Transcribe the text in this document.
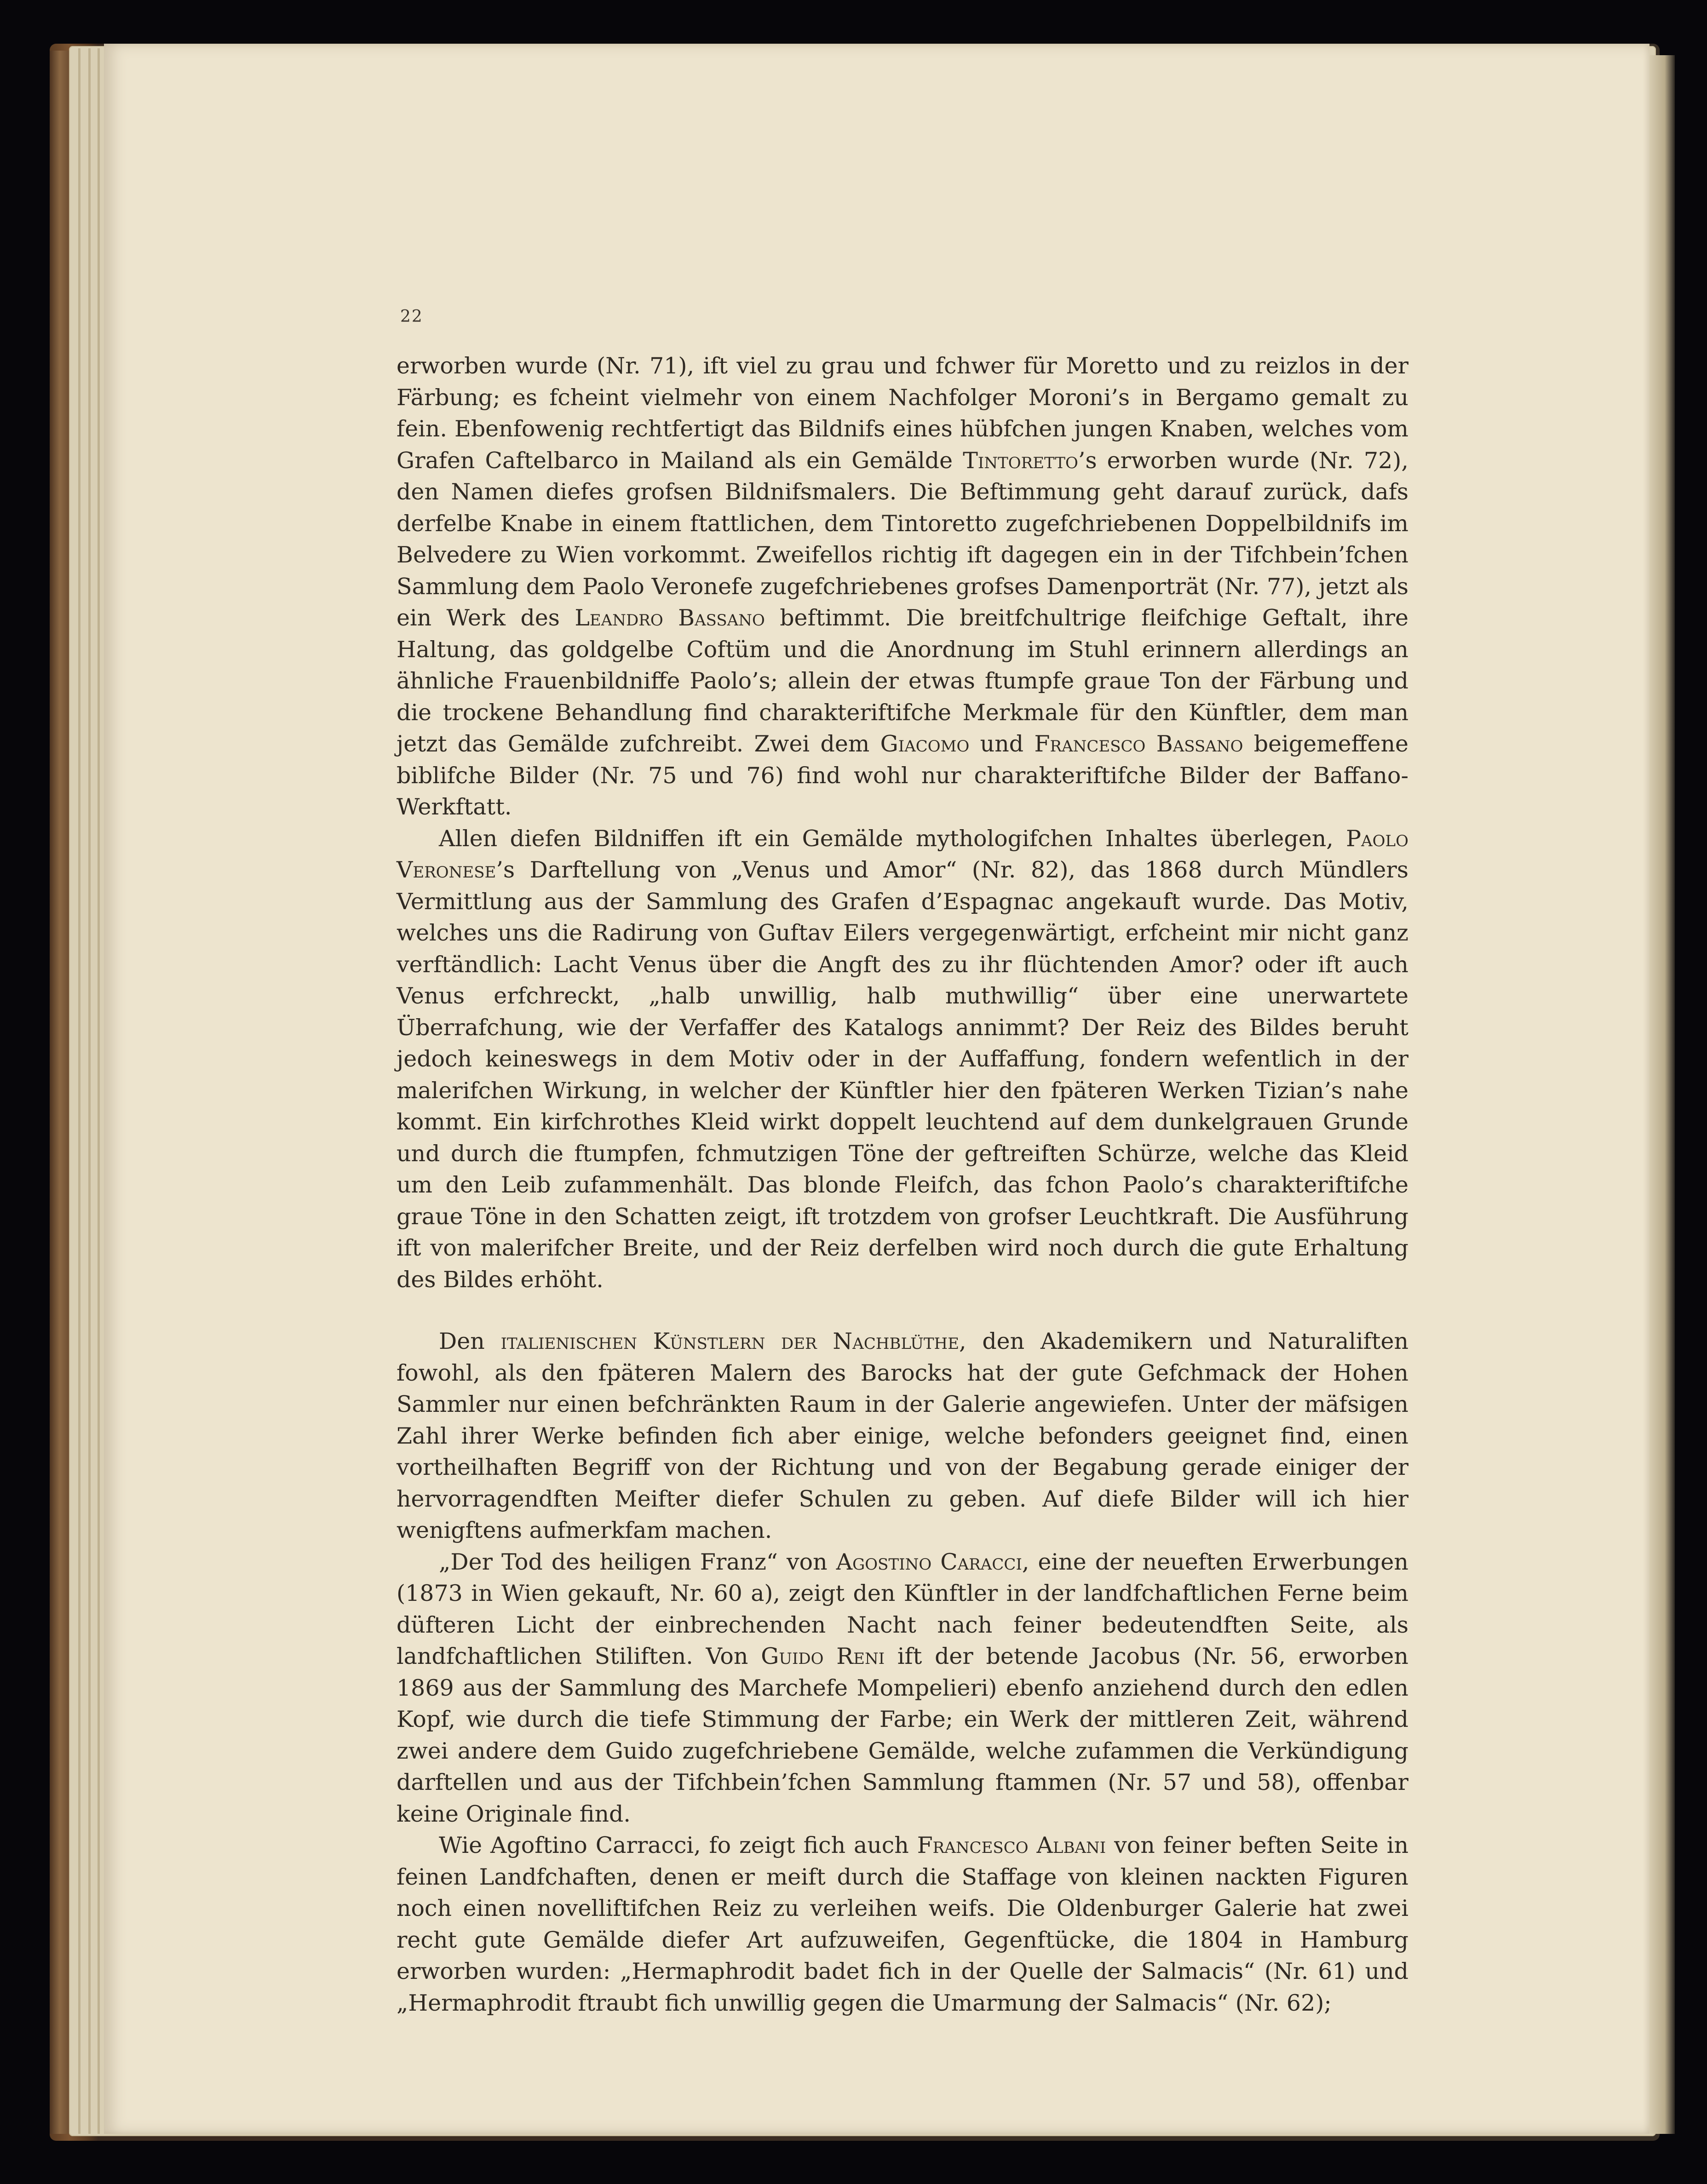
22

erworben wurde (Nr. 71), ift viel zu grau und fchwer für Moretto und zu reizlos in der Färbung; es fcheint vielmehr von einem Nachfolger Moroni’s in Bergamo gemalt zu fein. Ebenfowenig rechtfertigt das Bildnifs eines hübfchen jungen Knaben, welches vom Grafen Caftelbarco in Mailand als ein Gemälde Tintoretto’s erworben wurde (Nr. 72), den Namen diefes grofsen Bildnifsmalers. Die Beftimmung geht darauf zurück, dafs derfelbe Knabe in einem ftattlichen, dem Tintoretto zugefchriebenen Doppelbildnifs im Belvedere zu Wien vorkommt. Zweifellos richtig ift dagegen ein in der Tifchbein’fchen Sammlung dem Paolo Veronefe zugefchriebenes grofses Damenporträt (Nr. 77), jetzt als ein Werk des Leandro Bassano beftimmt. Die breitfchultrige fleifchige Geftalt, ihre Haltung, das goldgelbe Coftüm und die Anordnung im Stuhl erinnern allerdings an ähnliche Frauenbildniffe Paolo’s; allein der etwas ftumpfe graue Ton der Färbung und die trockene Behandlung find charakteriftifche Merkmale für den Künftler, dem man jetzt das Gemälde zufchreibt. Zwei dem Giacomo und Francesco Bassano beigemeffene biblifche Bilder (Nr. 75 und 76) find wohl nur charakteriftifche Bilder der Baffano-Werkftatt.

Allen diefen Bildniffen ift ein Gemälde mythologifchen Inhaltes überlegen, Paolo Veronese’s Darftellung von „Venus und Amor“ (Nr. 82), das 1868 durch Mündlers Vermittlung aus der Sammlung des Grafen d’Espagnac angekauft wurde. Das Motiv, welches uns die Radirung von Guftav Eilers vergegenwärtigt, erfcheint mir nicht ganz verftändlich: Lacht Venus über die Angft des zu ihr flüchtenden Amor? oder ift auch Venus erfchreckt, „halb unwillig, halb muthwillig“ über eine unerwartete Überrafchung, wie der Verfaffer des Katalogs annimmt? Der Reiz des Bildes beruht jedoch keineswegs in dem Motiv oder in der Auffaffung, fondern wefentlich in der malerifchen Wirkung, in welcher der Künftler hier den fpäteren Werken Tizian’s nahe kommt. Ein kirfchrothes Kleid wirkt doppelt leuchtend auf dem dunkelgrauen Grunde und durch die ftumpfen, fchmutzigen Töne der geftreiften Schürze, welche das Kleid um den Leib zufammenhält. Das blonde Fleifch, das fchon Paolo’s charakteriftifche graue Töne in den Schatten zeigt, ift trotzdem von grofser Leuchtkraft. Die Ausführung ift von malerifcher Breite, und der Reiz derfelben wird noch durch die gute Erhaltung des Bildes erhöht.

Den italienischen Künstlern der Nachblüthe, den Akademikern und Naturaliften fowohl, als den fpäteren Malern des Barocks hat der gute Gefchmack der Hohen Sammler nur einen befchränkten Raum in der Galerie angewiefen. Unter der mäfsigen Zahl ihrer Werke befinden fich aber einige, welche befonders geeignet find, einen vortheilhaften Begriff von der Richtung und von der Begabung gerade einiger der hervorragendften Meifter diefer Schulen zu geben. Auf diefe Bilder will ich hier wenigftens aufmerkfam machen.

„Der Tod des heiligen Franz“ von Agostino Caracci, eine der neueften Erwerbungen (1873 in Wien gekauft, Nr. 60 a), zeigt den Künftler in der landfchaftlichen Ferne beim düfteren Licht der einbrechenden Nacht nach feiner bedeutendften Seite, als landfchaftlichen Stiliften. Von Guido Reni ift der betende Jacobus (Nr. 56, erworben 1869 aus der Sammlung des Marchefe Mompelieri) ebenfo anziehend durch den edlen Kopf, wie durch die tiefe Stimmung der Farbe; ein Werk der mittleren Zeit, während zwei andere dem Guido zugefchriebene Gemälde, welche zufammen die Verkündigung darftellen und aus der Tifchbein’fchen Sammlung ftammen (Nr. 57 und 58), offenbar keine Originale find.

Wie Agoftino Carracci, fo zeigt fich auch Francesco Albani von feiner beften Seite in feinen Landfchaften, denen er meift durch die Staffage von kleinen nackten Figuren noch einen novelliftifchen Reiz zu verleihen weifs. Die Oldenburger Galerie hat zwei recht gute Gemälde diefer Art aufzuweifen, Gegenftücke, die 1804 in Hamburg erworben wurden: „Hermaphrodit badet fich in der Quelle der Salmacis“ (Nr. 61) und „Hermaphrodit ftraubt fich unwillig gegen die Umarmung der Salmacis“ (Nr. 62);
